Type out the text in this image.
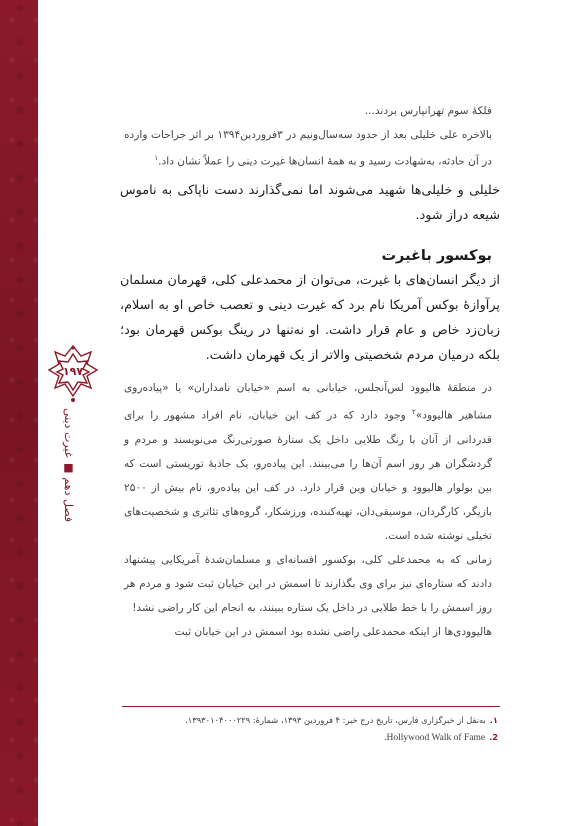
۱۹۷
فصل دهم ■ غیرت دینی

فلکهٔ سوم تهرانپارس بردند...

بالاخره علی خلیلی بعد از حدود سه‌سال‌ونیم در ۳فروردین۱۳۹۴ بر اثر جراحات وارده در آن حادثه، به‌شهادت رسید و به همهٔ انسان‌ها غیرت دینی را عملاً نشان داد.$^۱$

خلیلی و خلیلی‌ها شهید می‌شوند اما نمی‌گذارند دست ناپاکی به ناموس شیعه دراز شود.

بوکسور باغیرت

از دیگر انسان‌های با غیرت، می‌توان از محمدعلی کلی، قهرمان مسلمان پرآوازهٔ بوکس آمریکا نام برد که غیرت دینی و تعصب خاص او به اسلام، زبان‌زد خاص و عام قرار داشت. او نه‌تنها در رینگ بوکس قهرمان بود؛ بلکه درمیان مردم شخصیتی والاتر از یک قهرمان داشت.

در منطقهٔ هالیوود لس‌آنجلس، خیابانی به اسم «خیابان نامداران» یا «پیاده‌روی مشاهیر هالیوود»$^۲$ وجود دارد که در کف این خیابان، نام افراد مشهور را برای قدردانی از آنان با رنگ طلایی داخل یک ستارهٔ صورتی‌رنگ می‌نویسند و مردم و گردشگران هر روز اسم آن‌ها را می‌بینند. این پیاده‌رو، یک جاذبهٔ توریستی است که بین بولوار هالیوود و خیابان وین قرار دارد. در کف این پیاده‌رو، نام بیش از ۲۵۰۰ بازیگر، کارگردان، موسیقی‌دان، تهیه‌کننده، ورزشکار، گروه‌های تئاتری و شخصیت‌های تخیلی نوشته شده است.

زمانی که به محمدعلی کلی، بوکسور افسانه‌ای و مسلمان‌شدهٔ آمریکایی پیشنهاد دادند که ستاره‌ای نیز برای وی بگذارند تا اسمش در این خیابان ثبت شود و مردم هر روز اسمش را با خط طلایی در داخل یک ستاره ببینند، به انجام این کار راضی نشد!

هالیوودی‌ها از اینکه محمدعلی راضی نشده بود اسمش در این خیابان ثبت

۱.به‌نقل از خبرگزاری فارس، تاریخ درج خبر: ۴ فروردین ۱۳۹۳، شمارهٔ: ۱۳۹۳۰۱۰۴۰۰۰۲۲۹.
2.Hollywood Walk of Fame.
